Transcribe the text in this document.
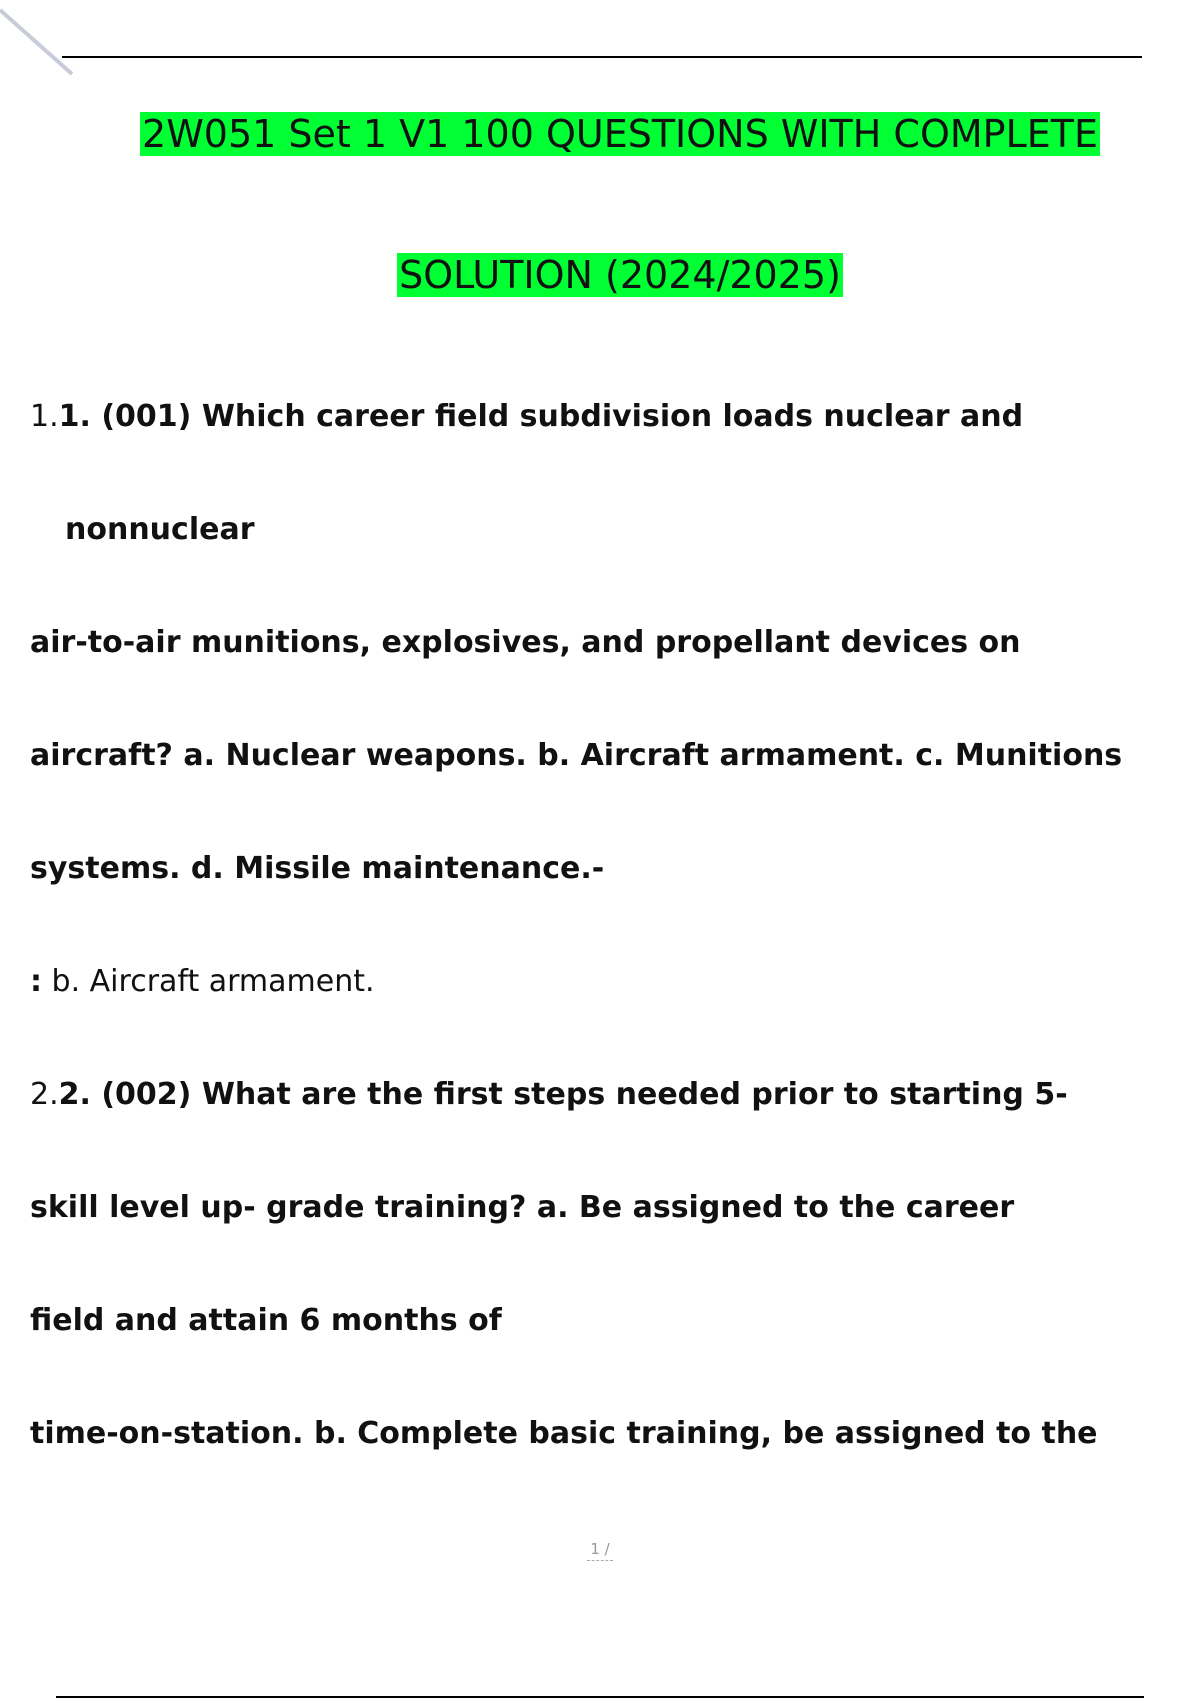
2W051 Set 1 V1 100 QUESTIONS WITH COMPLETE
SOLUTION (2024/2025)
1.1. (001) Which career field subdivision loads nuclear and
nonnuclear
air-to-air munitions, explosives, and propellant devices on
aircraft? a. Nuclear weapons. b. Aircraft armament. c. Munitions
systems. d. Missile maintenance.-
: b. Aircraft armament.
2.2. (002) What are the first steps needed prior to starting 5-
skill level up- grade training? a. Be assigned to the career
field and attain 6 months of
time-on-station. b. Complete basic training, be assigned to the
1 /
